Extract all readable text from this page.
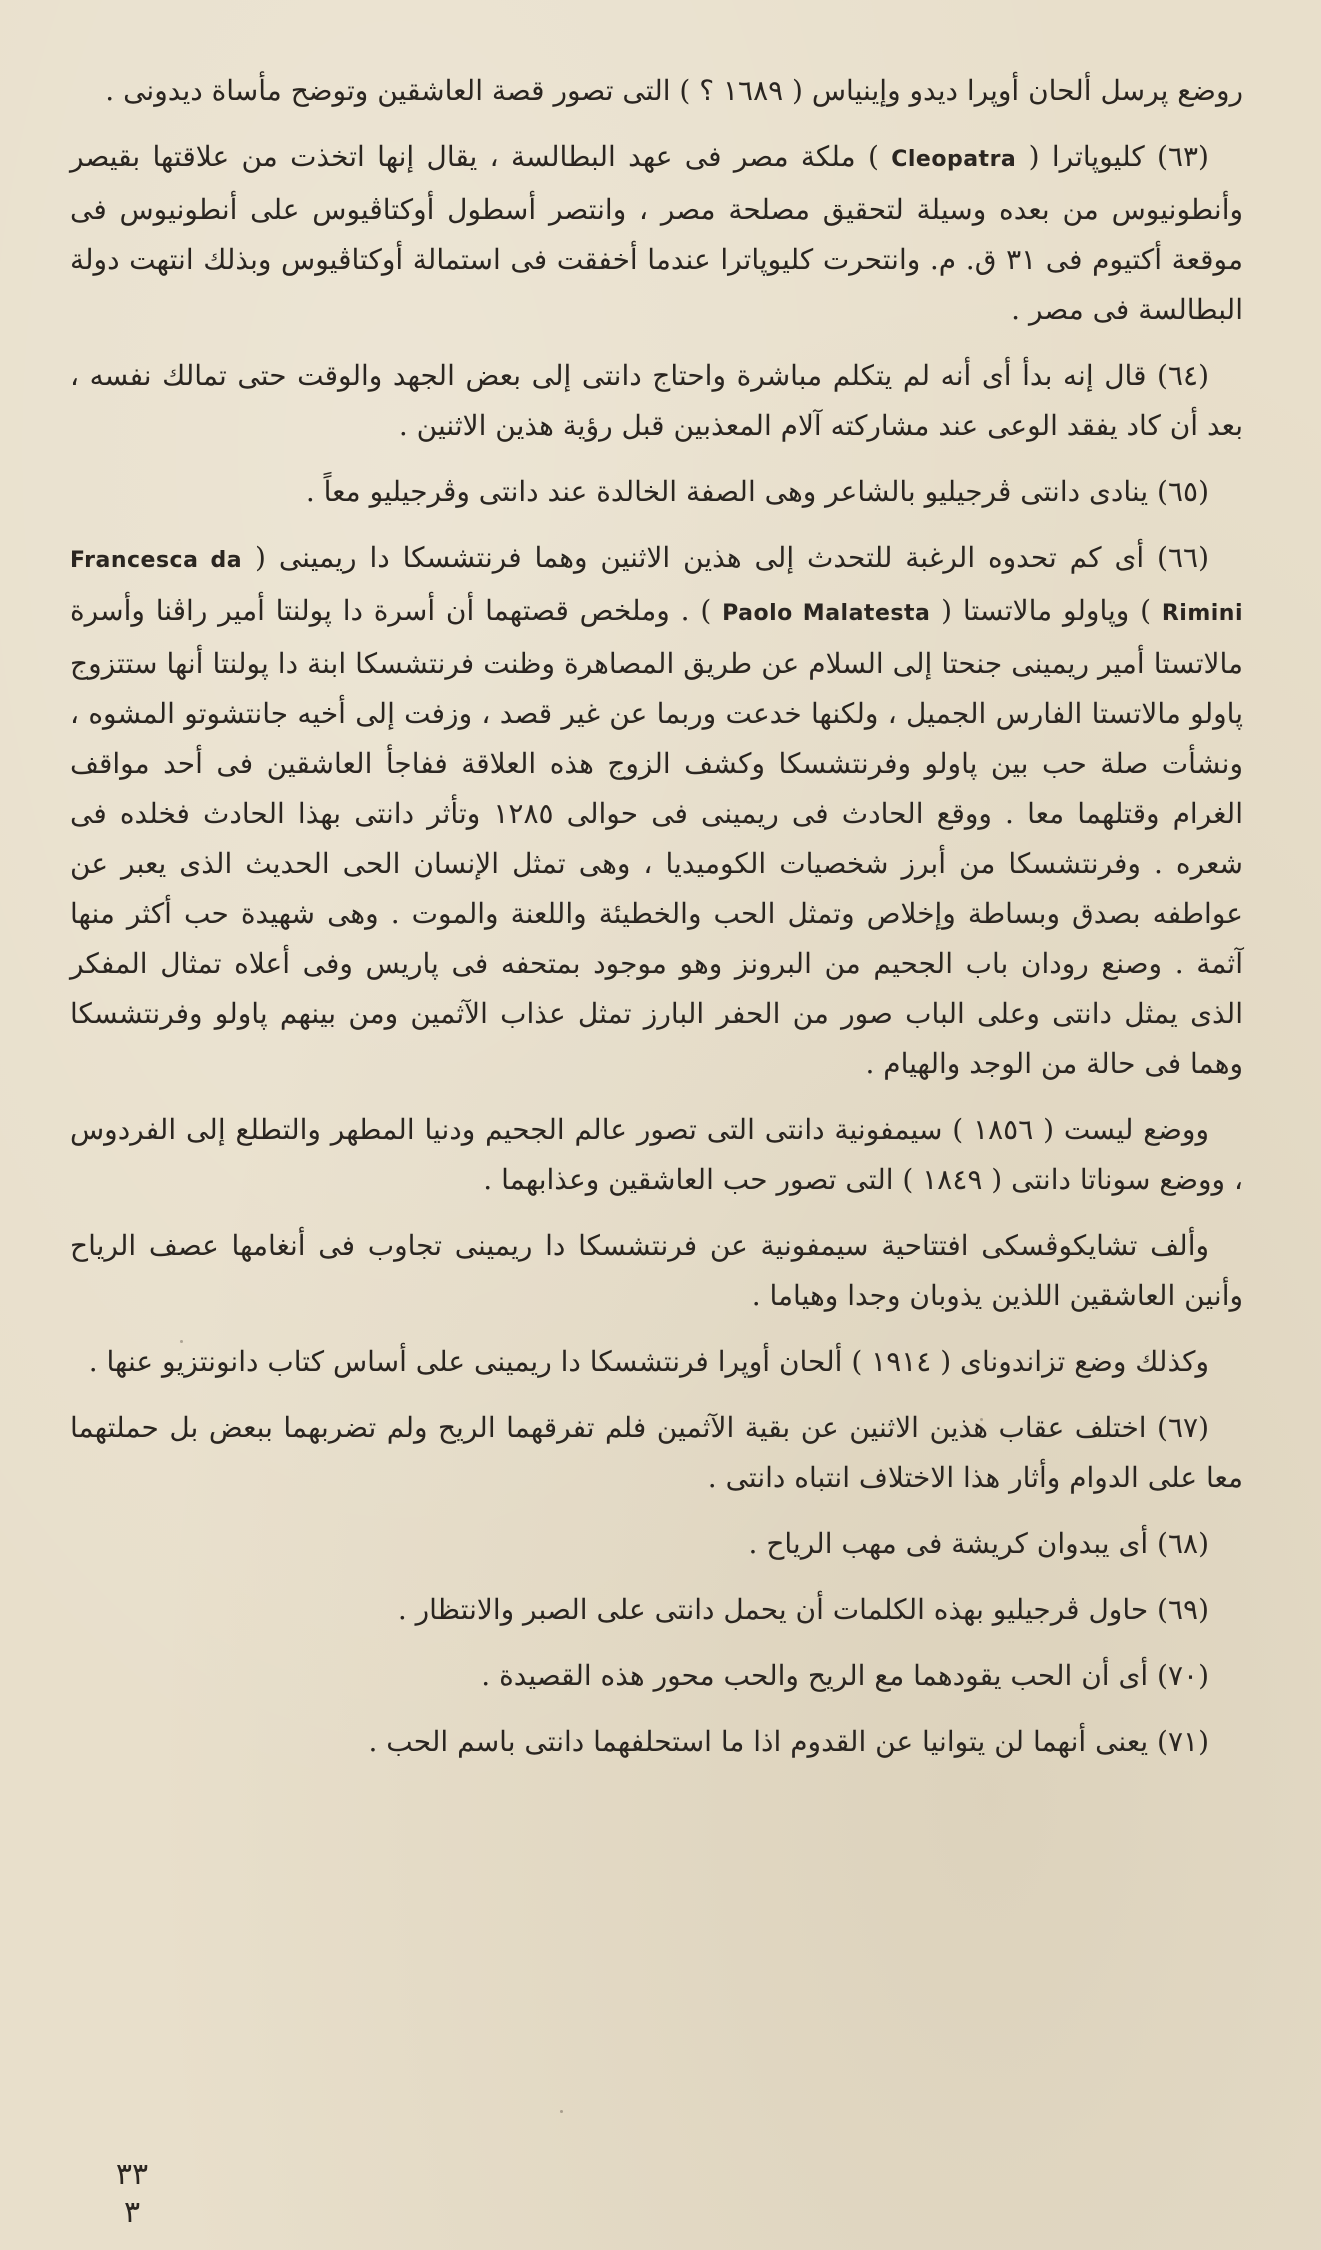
روضع پرسل ألحان أوپرا ديدو وإينياس ( ١٦٨٩ ؟ ) التى تصور قصة العاشقين وتوضح مأساة ديدونى .

(٦٣) كليوپاترا ( Cleopatra ) ملكة مصر فى عهد البطالسة ، يقال إنها اتخذت من علاقتها بقيصر وأنطونيوس من بعده وسيلة لتحقيق مصلحة مصر ، وانتصر أسطول أوكتاڤيوس على أنطونيوس فى موقعة أكتيوم فى ٣١ ق. م. وانتحرت كليوپاترا عندما أخفقت فى استمالة أوكتاڤيوس وبذلك انتهت دولة البطالسة فى مصر .

(٦٤) قال إنه بدأ أى أنه لم يتكلم مباشرة واحتاج دانتى إلى بعض الجهد والوقت حتى تمالك نفسه ، بعد أن كاد يفقد الوعى عند مشاركته آلام المعذبين قبل رؤية هذين الاثنين .

(٦٥) ينادى دانتى ڤرجيليو بالشاعر وهى الصفة الخالدة عند دانتى وڤرجيليو معاً .

(٦٦) أى كم تحدوه الرغبة للتحدث إلى هذين الاثنين وهما فرنتشسكا دا ريمينى ( Francesca da Rimini ) وپاولو مالاتستا ( Paolo Malatesta ) . وملخص قصتهما أن أسرة دا پولنتا أمير راڤنا وأسرة مالاتستا أمير ريمينى جنحتا إلى السلام عن طريق المصاهرة وظنت فرنتشسكا ابنة دا پولنتا أنها ستتزوج پاولو مالاتستا الفارس الجميل ، ولكنها خدعت وربما عن غير قصد ، وزفت إلى أخيه جانتشوتو المشوه ، ونشأت صلة حب بين پاولو وفرنتشسكا وكشف الزوج هذه العلاقة ففاجأ العاشقين فى أحد مواقف الغرام وقتلهما معا . ووقع الحادث فى ريمينى فى حوالى ١٢٨٥ وتأثر دانتى بهذا الحادث فخلده فى شعره . وفرنتشسكا من أبرز شخصيات الكوميديا ، وهى تمثل الإنسان الحى الحديث الذى يعبر عن عواطفه بصدق وبساطة وإخلاص وتمثل الحب والخطيئة واللعنة والموت . وهى شهيدة حب أكثر منها آثمة . وصنع رودان باب الجحيم من البرونز وهو موجود بمتحفه فى پاريس وفى أعلاه تمثال المفكر الذى يمثل دانتى وعلى الباب صور من الحفر البارز تمثل عذاب الآثمين ومن بينهم پاولو وفرنتشسكا وهما فى حالة من الوجد والهيام .

ووضع ليست ( ١٨٥٦ ) سيمفونية دانتى التى تصور عالم الجحيم ودنيا المطهر والتطلع إلى الفردوس ، ووضع سوناتا دانتى ( ١٨٤٩ ) التى تصور حب العاشقين وعذابهما .

وألف تشايكوڤسكى افتتاحية سيمفونية عن فرنتشسكا دا ريمينى تجاوب فى أنغامها عصف الرياح وأنين العاشقين اللذين يذوبان وجدا وهياما .

وكذلك وضع تزاندوناى ( ١٩١٤ ) ألحان أوپرا فرنتشسكا دا ريمينى على أساس كتاب دانونتزيو عنها .

(٦٧) اختلف عقاب هذين الاثنين عن بقية الآثمين فلم تفرقهما الريح ولم تضربهما ببعض بل حملتهما معا على الدوام وأثار هذا الاختلاف انتباه دانتى .

(٦٨) أى يبدوان كريشة فى مهب الرياح .

(٦٩) حاول ڤرجيليو بهذه الكلمات أن يحمل دانتى على الصبر والانتظار .

(٧٠) أى أن الحب يقودهما مع الريح والحب محور هذه القصيدة .

(٧١) يعنى أنهما لن يتوانيا عن القدوم اذا ما استحلفهما دانتى باسم الحب .

٣٣
٣
